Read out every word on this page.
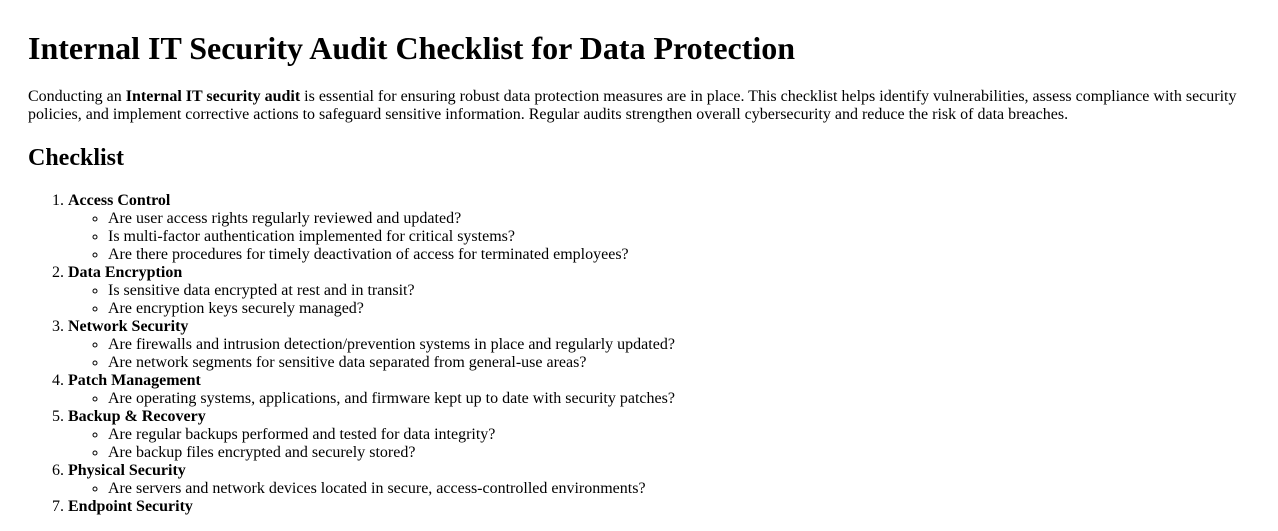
Internal IT Security Audit Checklist for Data Protection

Conducting an Internal IT security audit is essential for ensuring robust data protection measures are in place. This checklist helps identify vulnerabilities, assess compliance with security policies, and implement corrective actions to safeguard sensitive information. Regular audits strengthen overall cybersecurity and reduce the risk of data breaches.

Checklist
1. Access Control
◦ Are user access rights regularly reviewed and updated?
◦ Is multi-factor authentication implemented for critical systems?
◦ Are there procedures for timely deactivation of access for terminated employees?
2. Data Encryption
◦ Is sensitive data encrypted at rest and in transit?
◦ Are encryption keys securely managed?
3. Network Security
◦ Are firewalls and intrusion detection/prevention systems in place and regularly updated?
◦ Are network segments for sensitive data separated from general-use areas?
4. Patch Management
◦ Are operating systems, applications, and firmware kept up to date with security patches?
5. Backup & Recovery
◦ Are regular backups performed and tested for data integrity?
◦ Are backup files encrypted and securely stored?
6. Physical Security
◦ Are servers and network devices located in secure, access-controlled environments?
7. Endpoint Security
